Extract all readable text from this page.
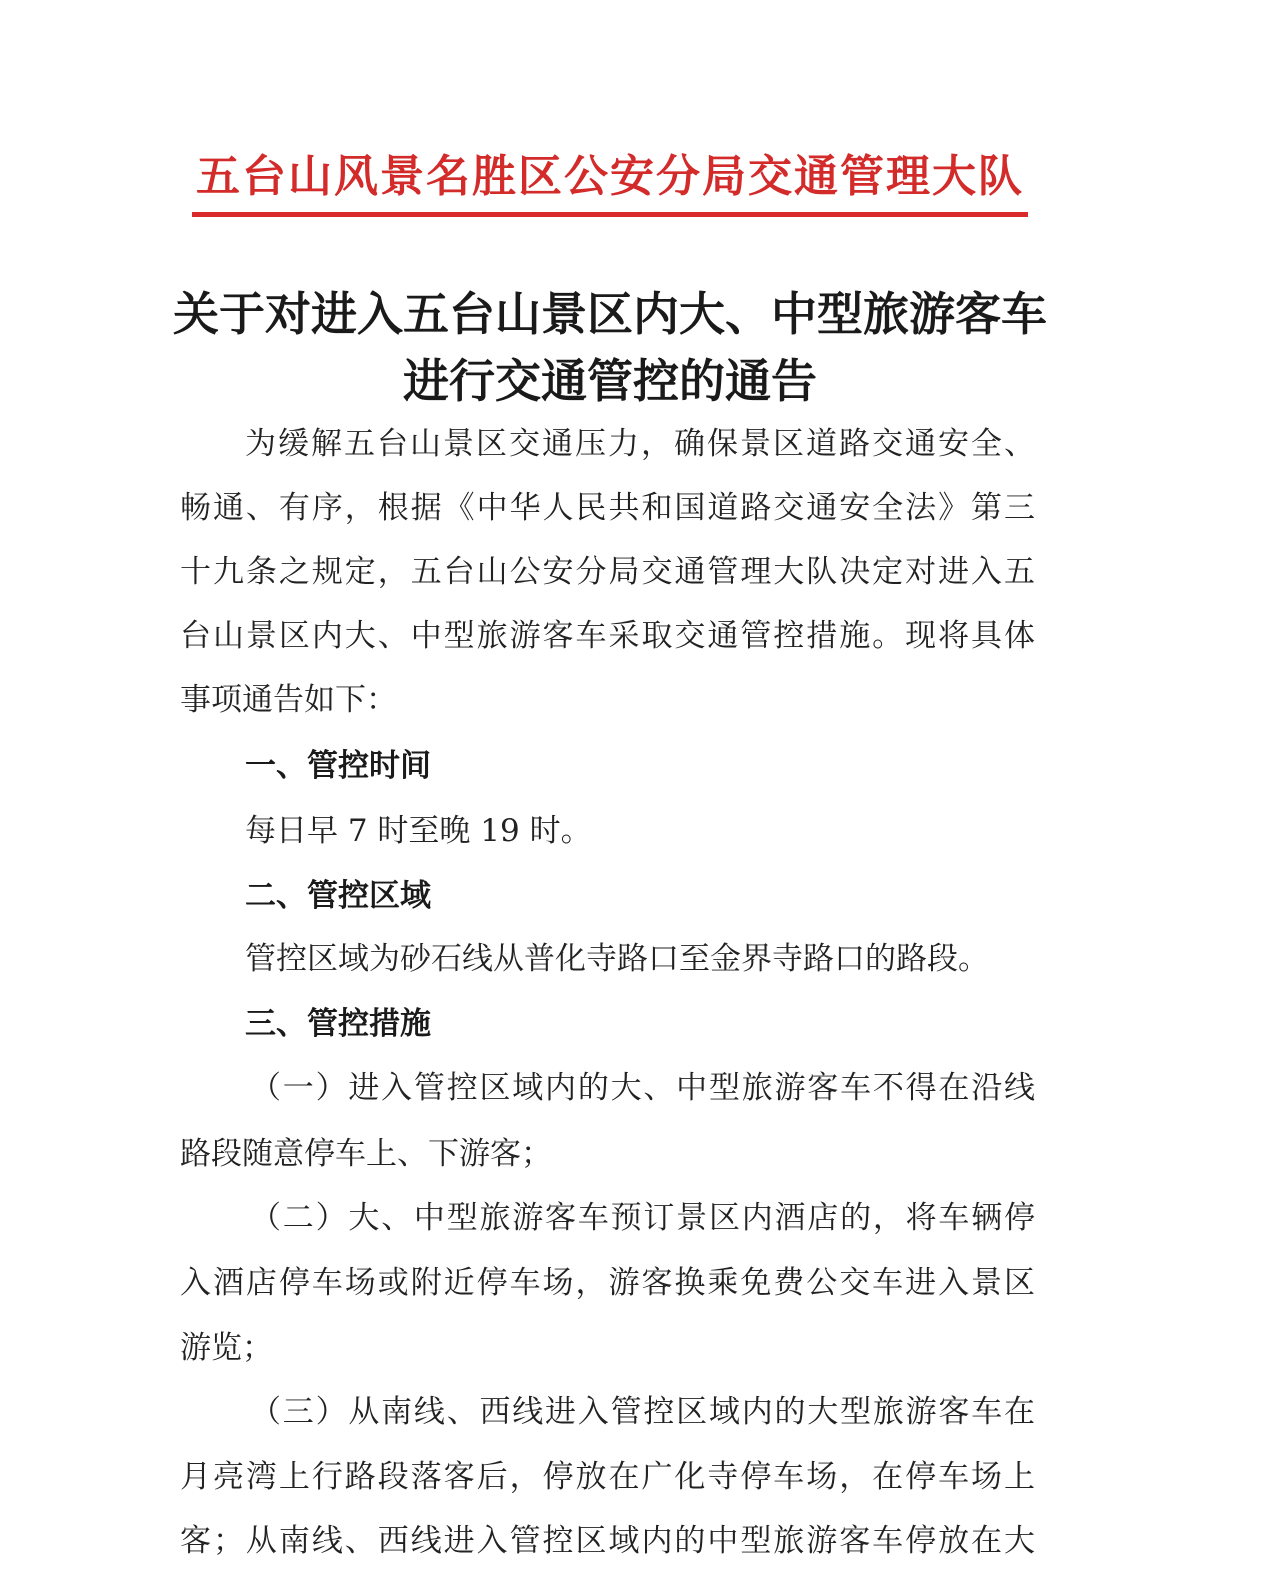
五台山风景名胜区公安分局交通管理大队
关于对进入五台山景区内大、中型旅游客车
进行交通管控的通告
为缓解五台山景区交通压力，确保景区道路交通安全、
畅通、有序，根据《中华人民共和国道路交通安全法》第三
十九条之规定，五台山公安分局交通管理大队决定对进入五
台山景区内大、中型旅游客车采取交通管控措施。现将具体
事项通告如下：
一、管控时间
每日早 7 时至晚 19 时。
二、管控区域
管控区域为砂石线从普化寺路口至金界寺路口的路段。
三、管控措施
（一）进入管控区域内的大、中型旅游客车不得在沿线
路段随意停车上、下游客；
（二）大、中型旅游客车预订景区内酒店的，将车辆停
入酒店停车场或附近停车场，游客换乘免费公交车进入景区
游览；
（三）从南线、西线进入管控区域内的大型旅游客车在
月亮湾上行路段落客后，停放在广化寺停车场，在停车场上
客；从南线、西线进入管控区域内的中型旅游客车停放在大
